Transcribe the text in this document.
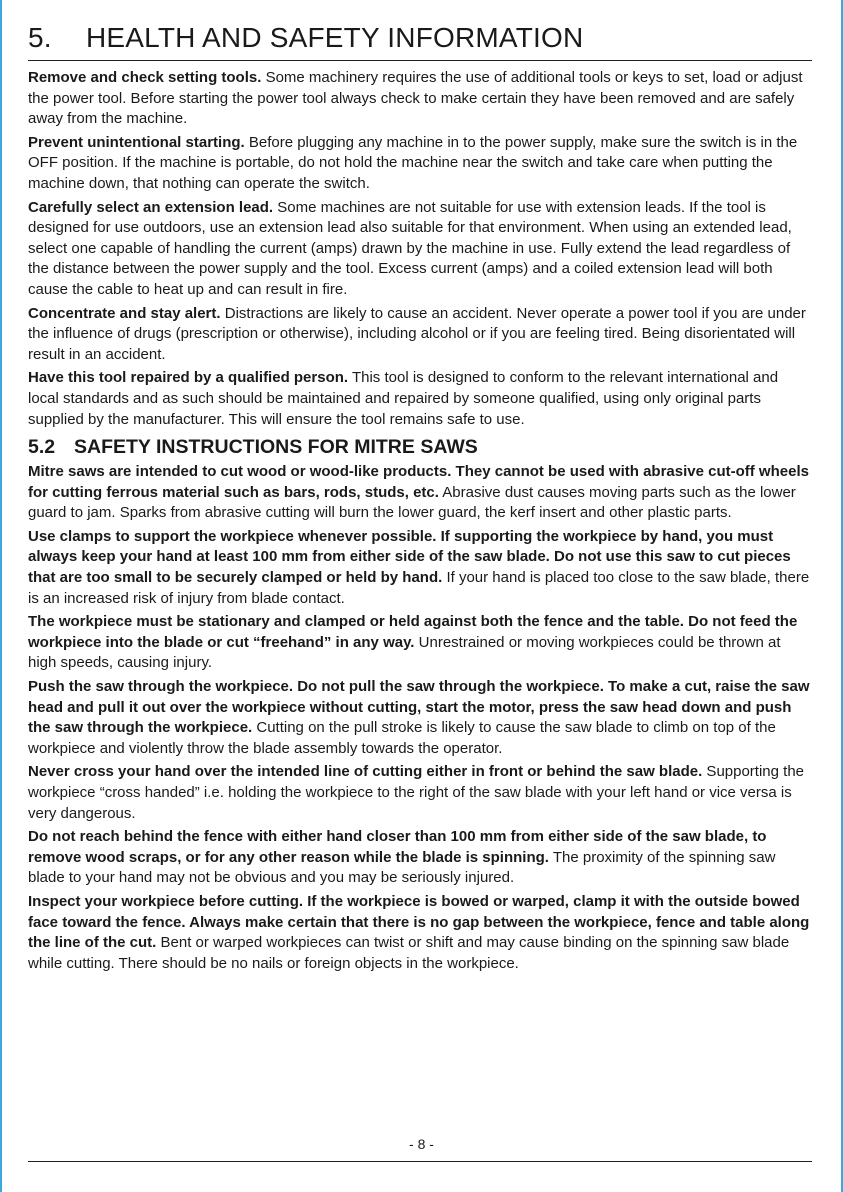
5. HEALTH AND SAFETY INFORMATION

Remove and check setting tools. Some machinery requires the use of additional tools or keys to set, load or adjust the power tool. Before starting the power tool always check to make certain they have been removed and are safely away from the machine.

Prevent unintentional starting. Before plugging any machine in to the power supply, make sure the switch is in the OFF position. If the machine is portable, do not hold the machine near the switch and take care when putting the machine down, that nothing can operate the switch.

Carefully select an extension lead. Some machines are not suitable for use with extension leads. If the tool is designed for use outdoors, use an extension lead also suitable for that environment. When using an extended lead, select one capable of handling the current (amps) drawn by the machine in use. Fully extend the lead regardless of the distance between the power supply and the tool. Excess current (amps) and a coiled extension lead will both cause the cable to heat up and can result in fire.

Concentrate and stay alert. Distractions are likely to cause an accident. Never operate a power tool if you are under the influence of drugs (prescription or otherwise), including alcohol or if you are feeling tired. Being disorientated will result in an accident.

Have this tool repaired by a qualified person. This tool is designed to conform to the relevant international and local standards and as such should be maintained and repaired by someone qualified, using only original parts supplied by the manufacturer. This will ensure the tool remains safe to use.

5.2 SAFETY INSTRUCTIONS FOR MITRE SAWS

Mitre saws are intended to cut wood or wood-like products. They cannot be used with abrasive cut-off wheels for cutting ferrous material such as bars, rods, studs, etc. Abrasive dust causes moving parts such as the lower guard to jam. Sparks from abrasive cutting will burn the lower guard, the kerf insert and other plastic parts.

Use clamps to support the workpiece whenever possible. If supporting the workpiece by hand, you must always keep your hand at least 100 mm from either side of the saw blade. Do not use this saw to cut pieces that are too small to be securely clamped or held by hand. If your hand is placed too close to the saw blade, there is an increased risk of injury from blade contact.

The workpiece must be stationary and clamped or held against both the fence and the table. Do not feed the workpiece into the blade or cut “freehand” in any way. Unrestrained or moving workpieces could be thrown at high speeds, causing injury.

Push the saw through the workpiece. Do not pull the saw through the workpiece. To make a cut, raise the saw head and pull it out over the workpiece without cutting, start the motor, press the saw head down and push the saw through the workpiece. Cutting on the pull stroke is likely to cause the saw blade to climb on top of the workpiece and violently throw the blade assembly towards the operator.

Never cross your hand over the intended line of cutting either in front or behind the saw blade. Supporting the workpiece “cross handed” i.e. holding the workpiece to the right of the saw blade with your left hand or vice versa is very dangerous.

Do not reach behind the fence with either hand closer than 100 mm from either side of the saw blade, to remove wood scraps, or for any other reason while the blade is spinning. The proximity of the spinning saw blade to your hand may not be obvious and you may be seriously injured.

Inspect your workpiece before cutting. If the workpiece is bowed or warped, clamp it with the outside bowed face toward the fence. Always make certain that there is no gap between the workpiece, fence and table along the line of the cut. Bent or warped workpieces can twist or shift and may cause binding on the spinning saw blade while cutting. There should be no nails or foreign objects in the workpiece.

- 8 -
